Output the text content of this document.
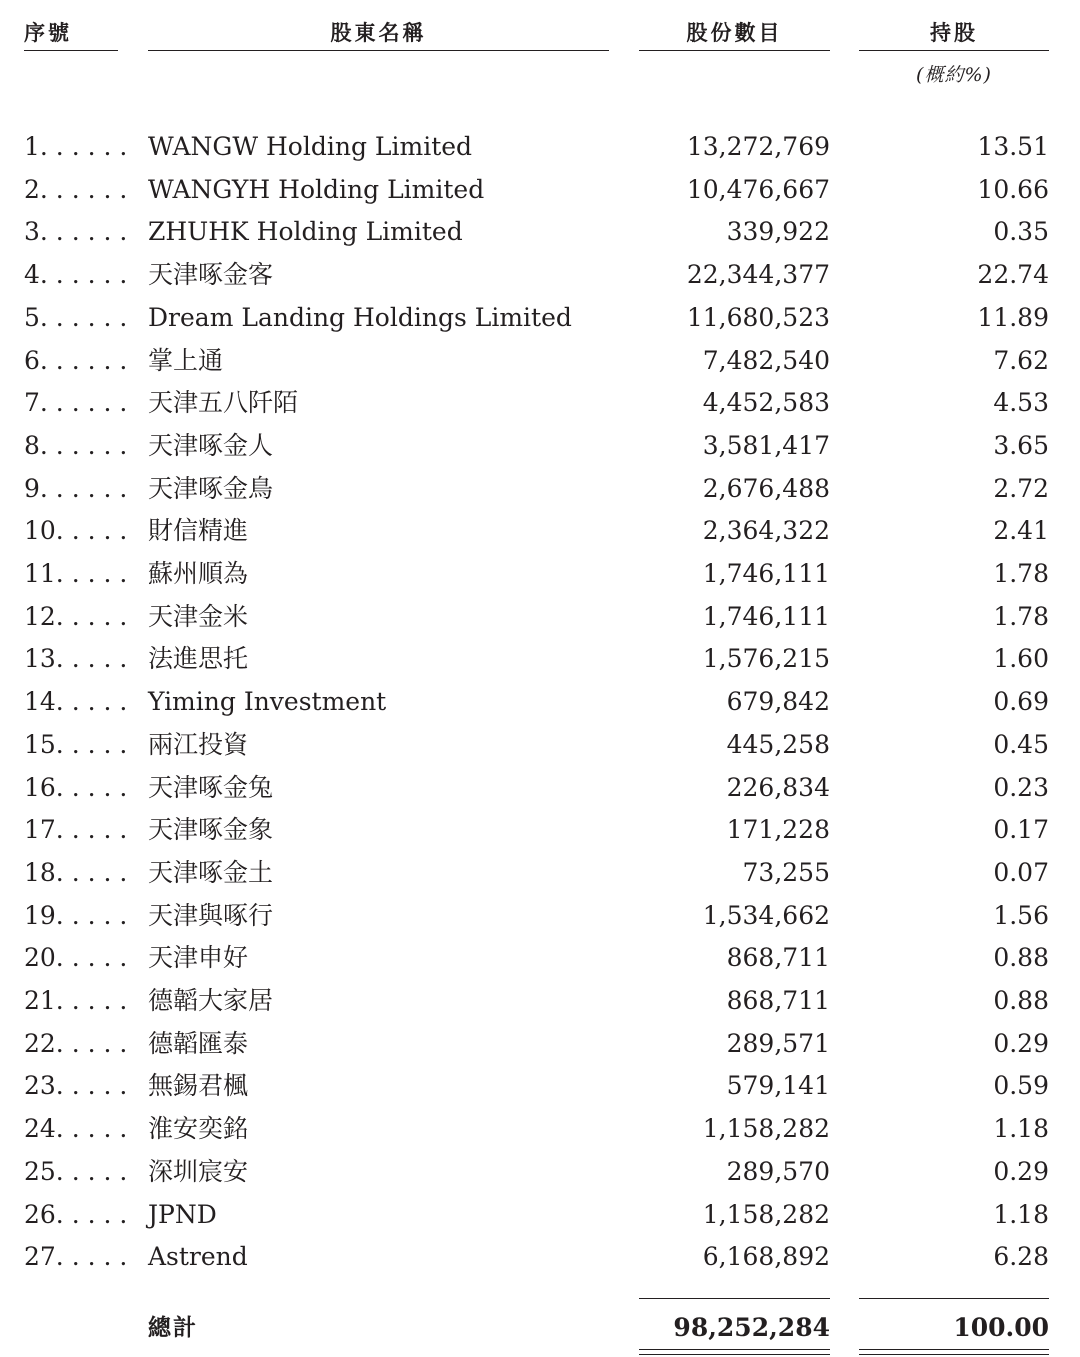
序號	股東名稱	股份數目	持股
(概約%)
1. . . . . . WANGW Holding Limited	13,272,769	13.51
2. . . . . . WANGYH Holding Limited	10,476,667	10.66
3. . . . . . ZHUHK Holding Limited	339,922	0.35
4. . . . . . 天津啄金客	22,344,377	22.74
5. . . . . . Dream Landing Holdings Limited	11,680,523	11.89
6. . . . . . 掌上通	7,482,540	7.62
7. . . . . . 天津五八阡陌	4,452,583	4.53
8. . . . . . 天津啄金人	3,581,417	3.65
9. . . . . . 天津啄金鳥	2,676,488	2.72
10. . . . . 財信精進	2,364,322	2.41
11. . . . . 蘇州順為	1,746,111	1.78
12. . . . . 天津金米	1,746,111	1.78
13. . . . . 法進思托	1,576,215	1.60
14. . . . . Yiming Investment	679,842	0.69
15. . . . . 兩江投資	445,258	0.45
16. . . . . 天津啄金兔	226,834	0.23
17. . . . . 天津啄金象	171,228	0.17
18. . . . . 天津啄金土	73,255	0.07
19. . . . . 天津與啄行	1,534,662	1.56
20. . . . . 天津申好	868,711	0.88
21. . . . . 德韜大家居	868,711	0.88
22. . . . . 德韜匯泰	289,571	0.29
23. . . . . 無錫君楓	579,141	0.59
24. . . . . 淮安奕銘	1,158,282	1.18
25. . . . . 深圳宸安	289,570	0.29
26. . . . . JPND	1,158,282	1.18
27. . . . . Astrend	6,168,892	6.28
總計	98,252,284	100.00
